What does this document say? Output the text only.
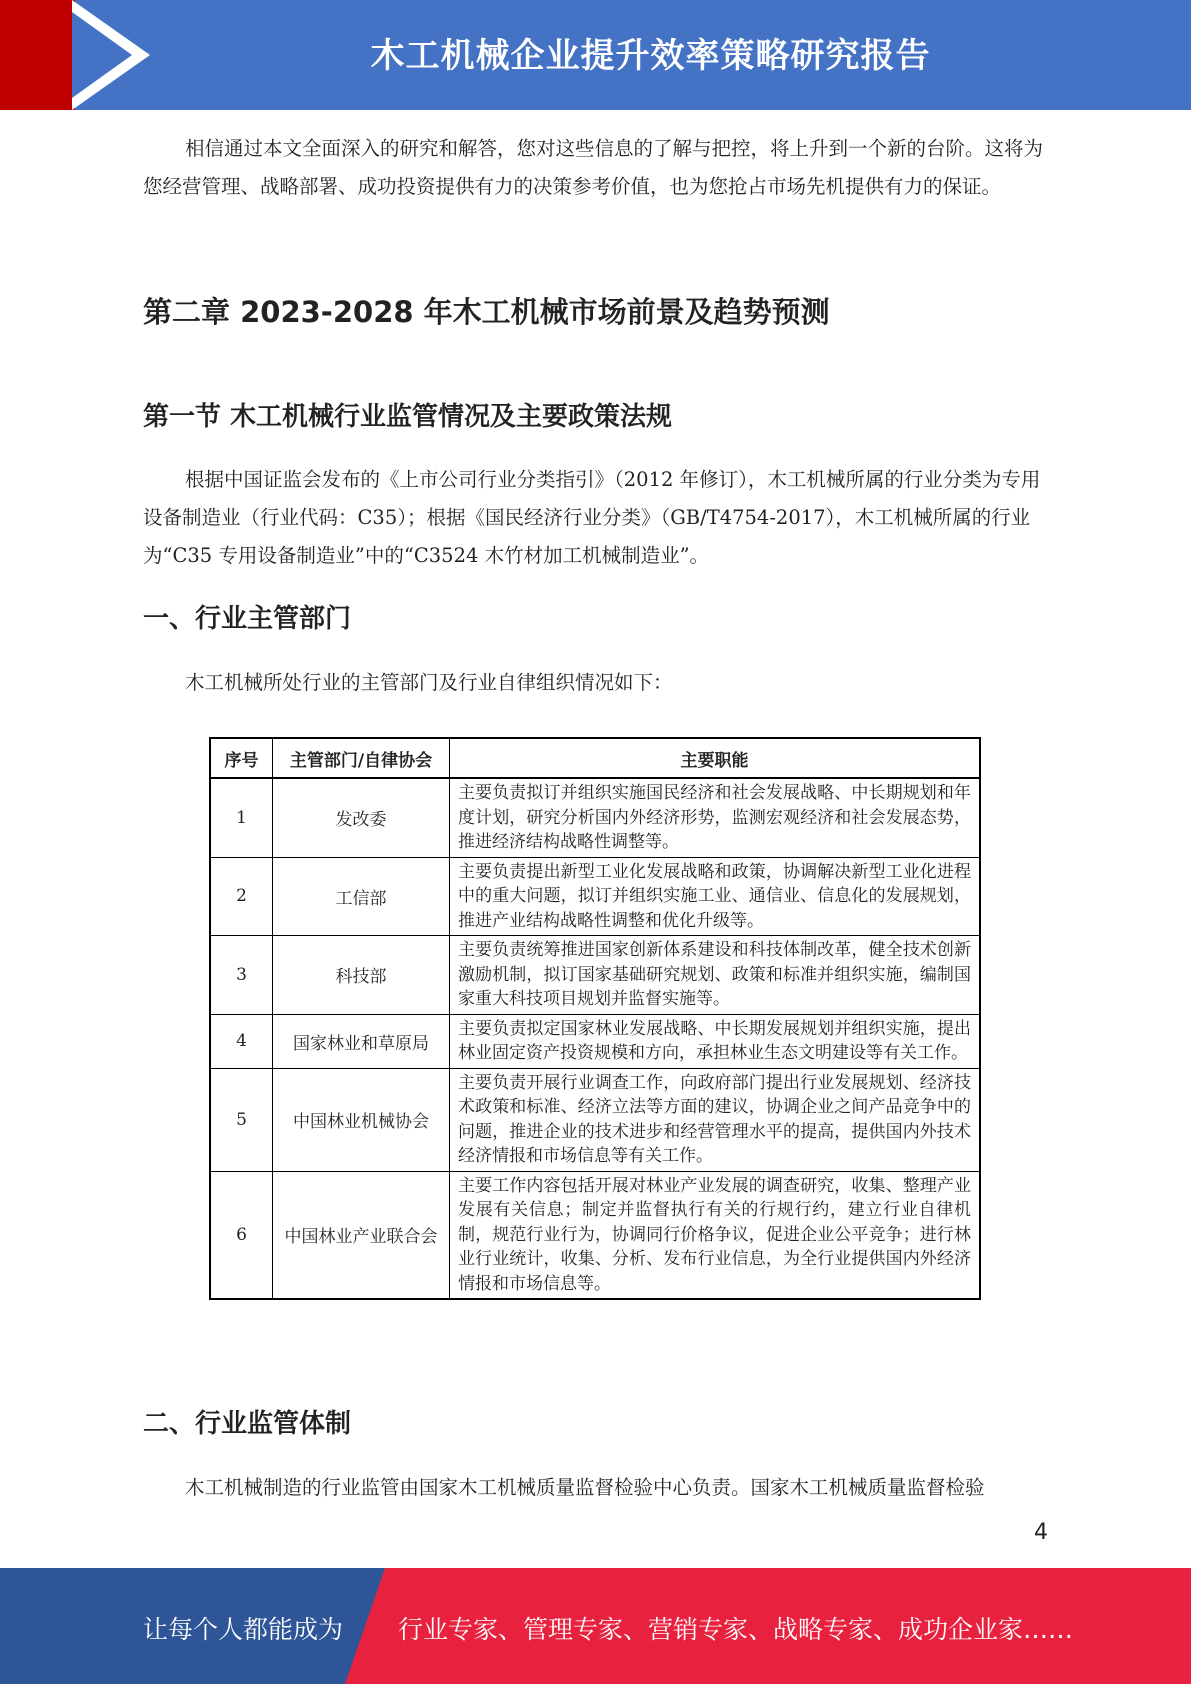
木工机械企业提升效率策略研究报告

相信通过本文全面深入的研究和解答，您对这些信息的了解与把控，将上升到一个新的台阶。这将为您经营管理、战略部署、成功投资提供有力的决策参考价值，也为您抢占市场先机提供有力的保证。

第二章 2023-2028 年木工机械市场前景及趋势预测
第一节 木工机械行业监管情况及主要政策法规

根据中国证监会发布的《上市公司行业分类指引》（2012 年修订），木工机械所属的行业分类为专用设备制造业（行业代码：C35）；根据《国民经济行业分类》（GB/T4754-2017），木工机械所属的行业为“C35 专用设备制造业”中的“C3524 木竹材加工机械制造业”。

一、行业主管部门

木工机械所处行业的主管部门及行业自律组织情况如下：

序号	主管部门/自律协会	主要职能
1	发改委	主要负责拟订并组织实施国民经济和社会发展战略、中长期规划和年度计划，研究分析国内外经济形势，监测宏观经济和社会发展态势，推进经济结构战略性调整等。
2	工信部	主要负责提出新型工业化发展战略和政策，协调解决新型工业化进程中的重大问题，拟订并组织实施工业、通信业、信息化的发展规划，推进产业结构战略性调整和优化升级等。
3	科技部	主要负责统筹推进国家创新体系建设和科技体制改革，健全技术创新激励机制，拟订国家基础研究规划、政策和标准并组织实施，编制国家重大科技项目规划并监督实施等。
4	国家林业和草原局	主要负责拟定国家林业发展战略、中长期发展规划并组织实施，提出林业固定资产投资规模和方向，承担林业生态文明建设等有关工作。
5	中国林业机械协会	主要负责开展行业调查工作，向政府部门提出行业发展规划、经济技术政策和标准、经济立法等方面的建议，协调企业之间产品竞争中的问题，推进企业的技术进步和经营管理水平的提高，提供国内外技术经济情报和市场信息等有关工作。
6	中国林业产业联合会	主要工作内容包括开展对林业产业发展的调查研究，收集、整理产业发展有关信息；制定并监督执行有关的行规行约，建立行业自律机制，规范行业行为，协调同行价格争议，促进企业公平竞争；进行林业行业统计，收集、分析、发布行业信息，为全行业提供国内外经济情报和市场信息等。
二、行业监管体制

木工机械制造的行业监管由国家木工机械质量监督检验中心负责。国家木工机械质量监督检验

4
让每个人都能成为 行业专家、管理专家、营销专家、战略专家、成功企业家……
